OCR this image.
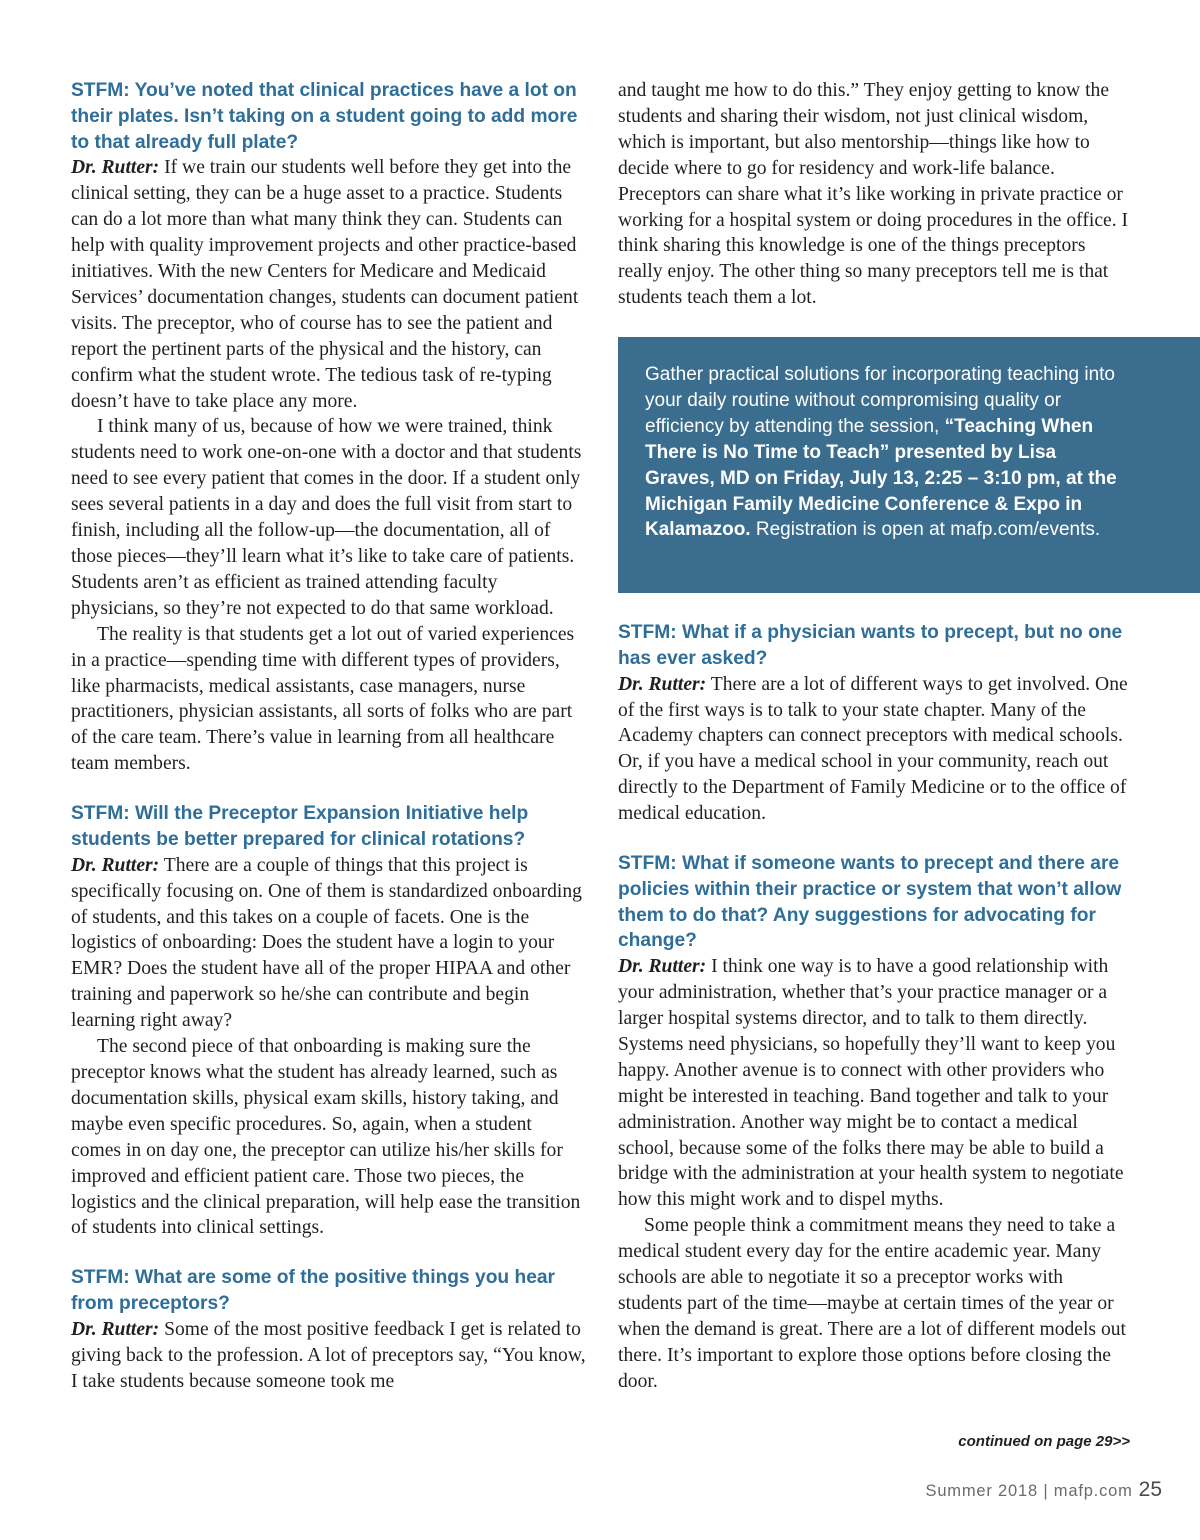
STFM: You’ve noted that clinical practices have a lot on their plates. Isn’t taking on a student going to add more to that already full plate?

Dr. Rutter: If we train our students well before they get into the clinical setting, they can be a huge asset to a practice. Students can do a lot more than what many think they can. Students can help with quality improvement projects and other practice-based initiatives. With the new Centers for Medicare and Medicaid Services’ documentation changes, students can document patient visits. The preceptor, who of course has to see the patient and report the pertinent parts of the physical and the history, can confirm what the student wrote. The tedious task of re-typing doesn’t have to take place any more.

I think many of us, because of how we were trained, think students need to work one-on-one with a doctor and that students need to see every patient that comes in the door. If a student only sees several patients in a day and does the full visit from start to finish, including all the follow-up—the documentation, all of those pieces—they’ll learn what it’s like to take care of patients. Students aren’t as efficient as trained attending faculty physicians, so they’re not expected to do that same workload.

The reality is that students get a lot out of varied experiences in a practice—spending time with different types of providers, like pharmacists, medical assistants, case managers, nurse practitioners, physician assistants, all sorts of folks who are part of the care team. There’s value in learning from all healthcare team members.

STFM: Will the Preceptor Expansion Initiative help students be better prepared for clinical rotations?

Dr. Rutter: There are a couple of things that this project is specifically focusing on. One of them is standardized onboarding of students, and this takes on a couple of facets. One is the logistics of onboarding: Does the student have a login to your EMR? Does the student have all of the proper HIPAA and other training and paperwork so he/she can contribute and begin learning right away?

The second piece of that onboarding is making sure the preceptor knows what the student has already learned, such as documentation skills, physical exam skills, history taking, and maybe even specific procedures. So, again, when a student comes in on day one, the preceptor can utilize his/her skills for improved and efficient patient care. Those two pieces, the logistics and the clinical preparation, will help ease the transition of students into clinical settings.

STFM: What are some of the positive things you hear from preceptors?

Dr. Rutter: Some of the most positive feedback I get is related to giving back to the profession. A lot of preceptors say, “You know, I take students because someone took me

and taught me how to do this.” They enjoy getting to know the students and sharing their wisdom, not just clinical wisdom, which is important, but also mentorship—things like how to decide where to go for residency and work-life balance. Preceptors can share what it’s like working in private practice or working for a hospital system or doing procedures in the office. I think sharing this knowledge is one of the things preceptors really enjoy. The other thing so many preceptors tell me is that students teach them a lot.

Gather practical solutions for incorporating teaching into your daily routine without compromising quality or efficiency by attending the session, “Teaching When There is No Time to Teach” presented by Lisa Graves, MD on Friday, July 13, 2:25 – 3:10 pm, at the Michigan Family Medicine Conference & Expo in Kalamazoo. Registration is open at mafp.com/events.
STFM: What if a physician wants to precept, but no one has ever asked?

Dr. Rutter: There are a lot of different ways to get involved. One of the first ways is to talk to your state chapter. Many of the Academy chapters can connect preceptors with medical schools. Or, if you have a medical school in your community, reach out directly to the Department of Family Medicine or to the office of medical education.

STFM: What if someone wants to precept and there are policies within their practice or system that won’t allow them to do that? Any suggestions for advocating for change?

Dr. Rutter: I think one way is to have a good relationship with your administration, whether that’s your practice manager or a larger hospital systems director, and to talk to them directly. Systems need physicians, so hopefully they’ll want to keep you happy. Another avenue is to connect with other providers who might be interested in teaching. Band together and talk to your administration. Another way might be to contact a medical school, because some of the folks there may be able to build a bridge with the administration at your health system to negotiate how this might work and to dispel myths.

Some people think a commitment means they need to take a medical student every day for the entire academic year. Many schools are able to negotiate it so a preceptor works with students part of the time—maybe at certain times of the year or when the demand is great. There are a lot of different models out there. It’s important to explore those options before closing the door.

continued on page 29>>
Summer 2018 | mafp.com 25
